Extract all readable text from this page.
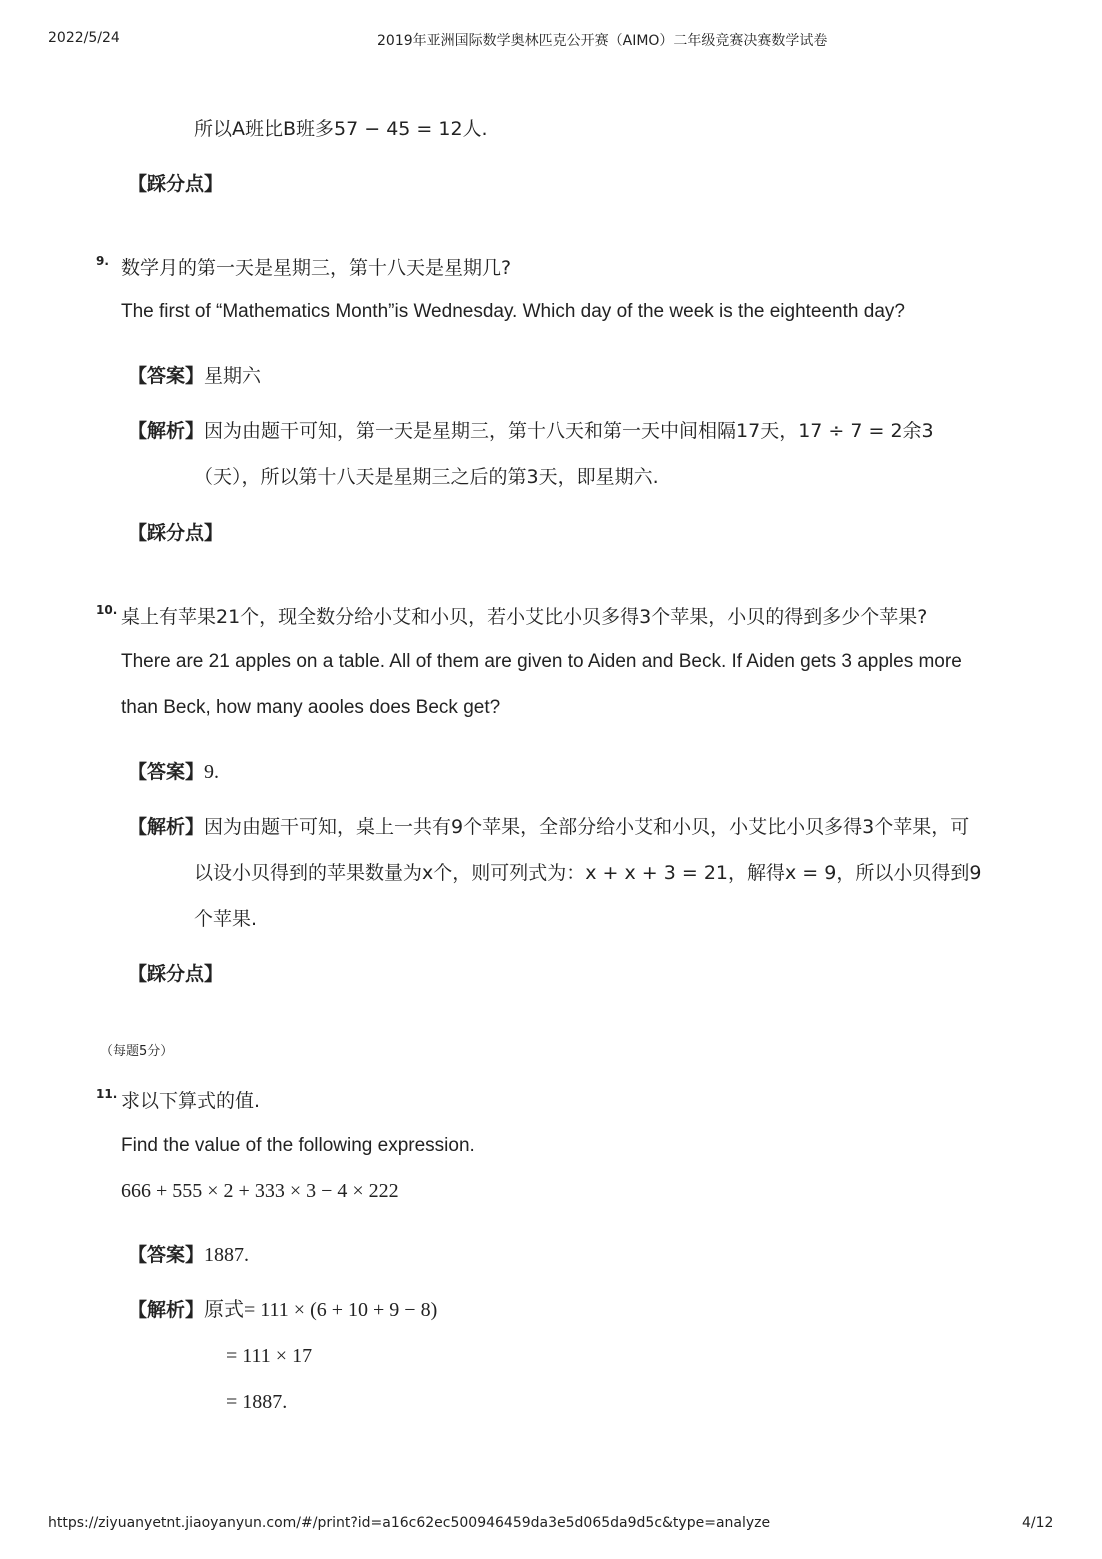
2022/5/24	2019年亚洲国际数学奥林匹克公开赛（AIMO）二年级竞赛决赛数学试卷
所以A班比B班多57 − 45 = 12人.
【踩分点】
9. 数学月的第一天是星期三，第十八天是星期几?
The first of “Mathematics Month”is Wednesday. Which day of the week is the eighteenth day?
【答案】星期六
【解析】因为由题干可知，第一天是星期三，第十八天和第一天中间相隔17天，17 ÷ 7 = 2余3
（天），所以第十八天是星期三之后的第3天，即星期六.
【踩分点】
10. 桌上有苹果21个，现全数分给小艾和小贝，若小艾比小贝多得3个苹果，小贝的得到多少个苹果?
There are 21 apples on a table. All of them are given to Aiden and Beck. If Aiden gets 3 apples more
than Beck, how many aooles does Beck get?
【答案】9.
【解析】因为由题干可知，桌上一共有9个苹果，全部分给小艾和小贝，小艾比小贝多得3个苹果，可
以设小贝得到的苹果数量为x个，则可列式为：x + x + 3 = 21，解得x = 9，所以小贝得到9
个苹果.
【踩分点】
（每题5分）
11. 求以下算式的值.
Find the value of the following expression.
666 + 555 × 2 + 333 × 3 − 4 × 222
【答案】1887.
【解析】原式= 111 × (6 + 10 + 9 − 8)
= 111 × 17
= 1887.
https://ziyuanyetnt.jiaoyanyun.com/#/print?id=a16c62ec500946459da3e5d065da9d5c&type=analyze	4/12
